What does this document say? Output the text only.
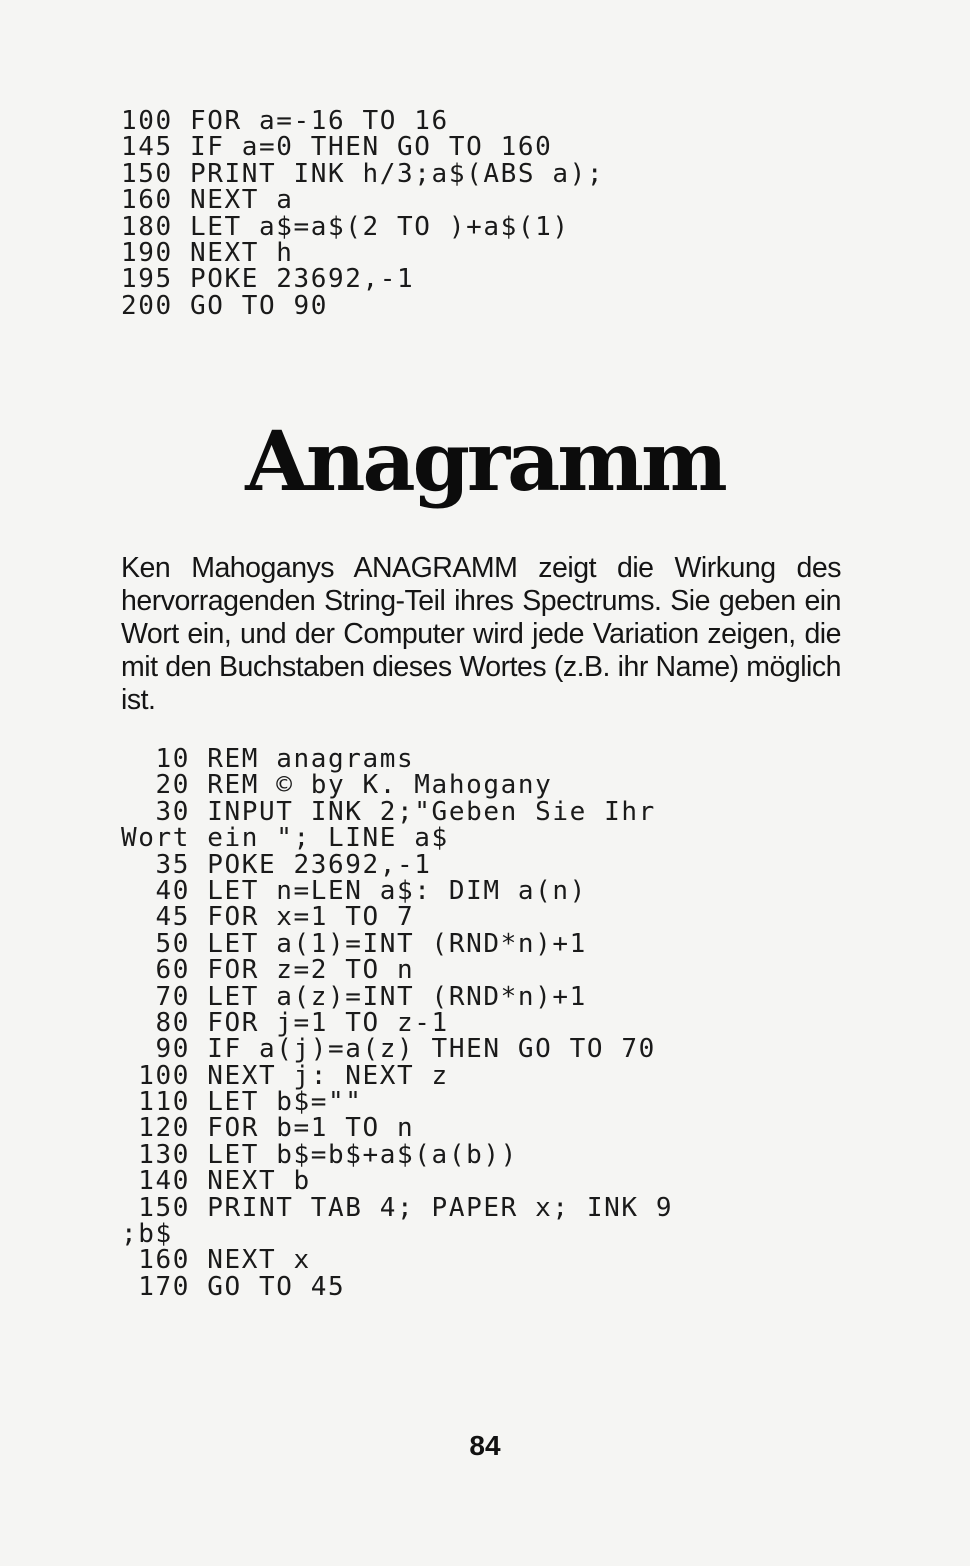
100 FOR a=-16 TO 16
145 IF a=0 THEN GO TO 160
150 PRINT INK h/3;a$(ABS a);
160 NEXT a
180 LET a$=a$(2 TO )+a$(1)
190 NEXT h
195 POKE 23692,-1
200 GO TO 90
Anagramm

Ken Mahoganys ANAGRAMM zeigt die Wirkung des hervorragenden String-Teil ihres Spectrums. Sie geben ein Wort ein, und der Computer wird jede Variation zeigen, die mit den Buchstaben dieses Wortes (z.B. ihr Name) möglich ist.

10 REM anagrams
20 REM © by K. Mahogany
30 INPUT INK 2;"Geben Sie Ihr
Wort ein "; LINE a$
35 POKE 23692,-1
40 LET n=LEN a$: DIM a(n)
45 FOR x=1 TO 7
50 LET a(1)=INT (RND*n)+1
60 FOR z=2 TO n
70 LET a(z)=INT (RND*n)+1
80 FOR j=1 TO z-1
90 IF a(j)=a(z) THEN GO TO 70
100 NEXT j: NEXT z
110 LET b$=""
120 FOR b=1 TO n
130 LET b$=b$+a$(a(b))
140 NEXT b
150 PRINT TAB 4; PAPER x; INK 9
;b$
160 NEXT x
170 GO TO 45

84
